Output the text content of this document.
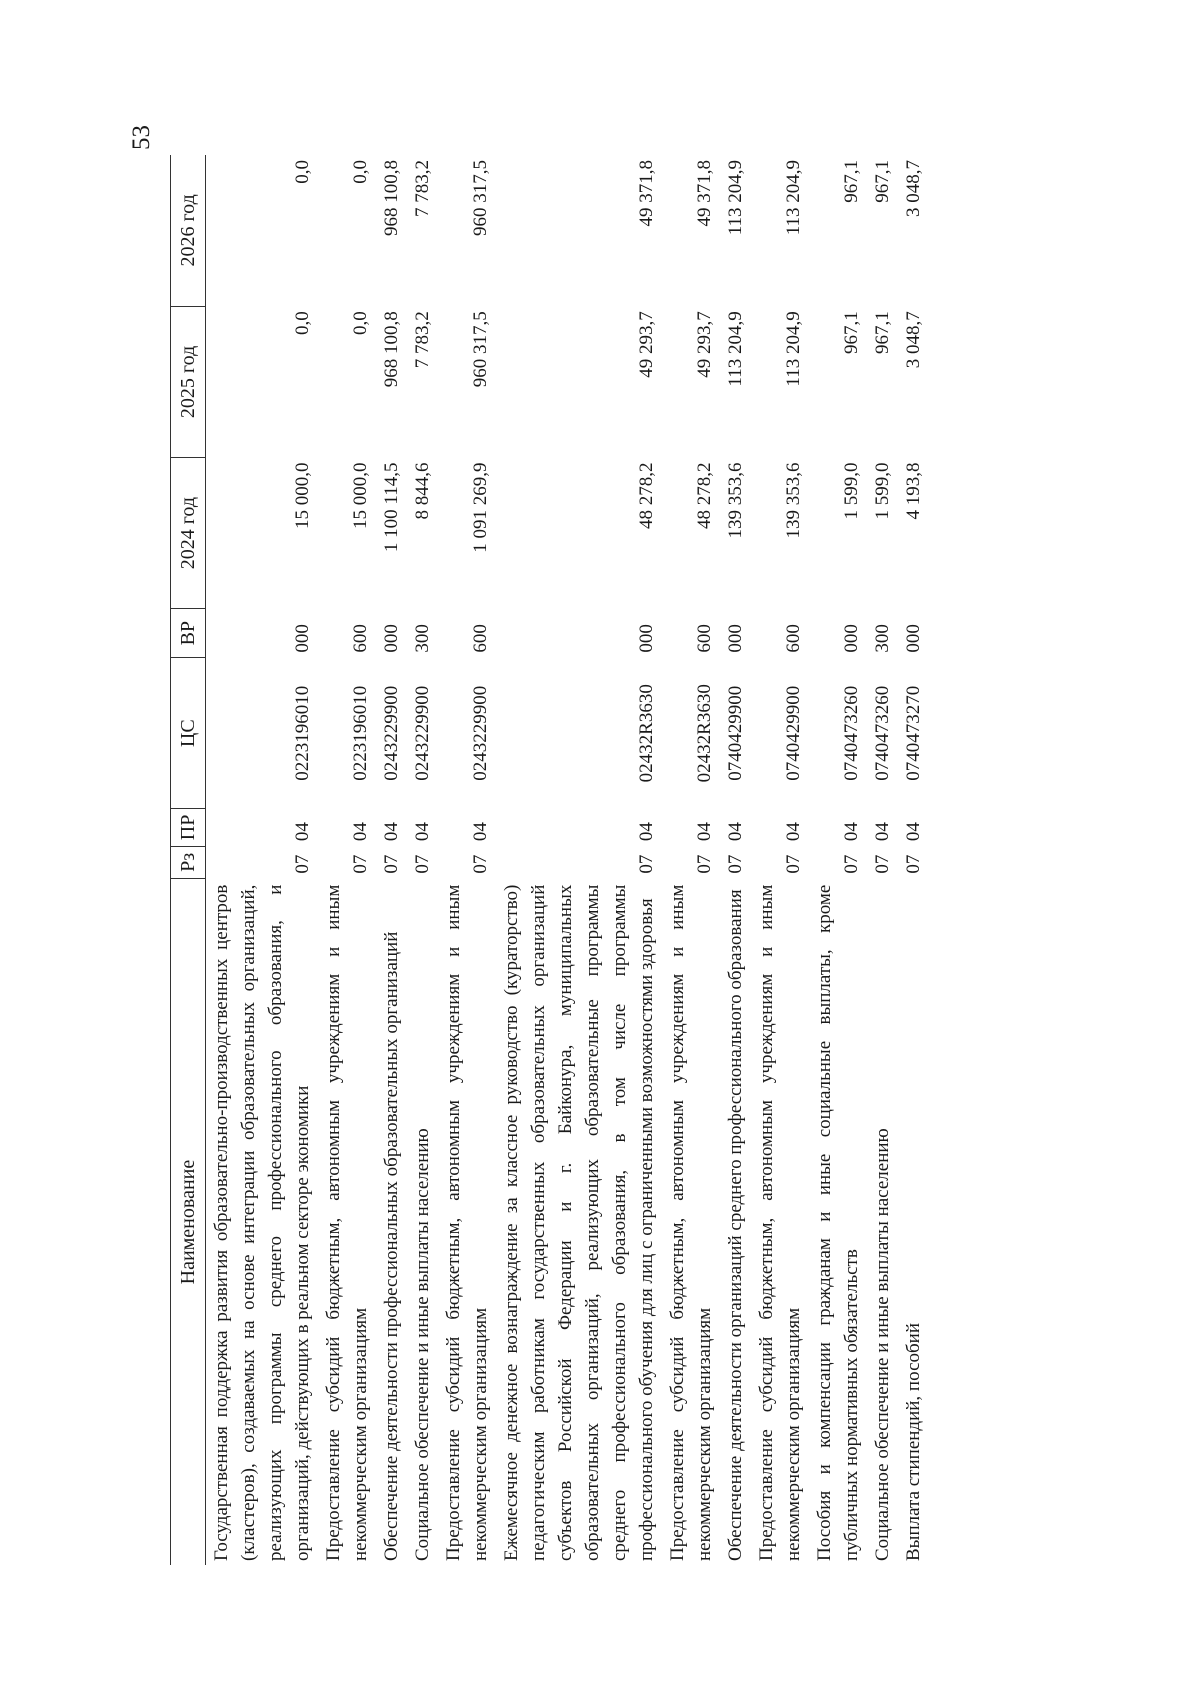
53
Наименование	Рз	ПР	ЦС	ВР	2024 год	2025 год	2026 год
Государственная поддержка развития образовательно-производственных центров (кластеров), создаваемых на основе интеграции образовательных организаций, реализующих программы среднего профессионального образования, и организаций, действующих в реальном секторе экономики	07	04	0223196010	000	15 000,0	0,0	0,0
Предоставление субсидий бюджетным, автономным учреждениям и иным некоммерческим организациям	07	04	0223196010	600	15 000,0	0,0	0,0
Обеспечение деятельности профессиональных образовательных организаций	07	04	0243229900	000	1 100 114,5	968 100,8	968 100,8
Социальное обеспечение и иные выплаты населению	07	04	0243229900	300	8 844,6	7 783,2	7 783,2
Предоставление субсидий бюджетным, автономным учреждениям и иным некоммерческим организациям	07	04	0243229900	600	1 091 269,9	960 317,5	960 317,5
Ежемесячное денежное вознаграждение за классное руководство (кураторство) педагогическим работникам государственных образовательных организаций субъектов Российской Федерации и г. Байконура, муниципальных образовательных организаций, реализующих образовательные программы среднего профессионального образования, в том числе программы профессионального обучения для лиц с ограниченными возможностями здоровья	07	04	02432R3630	000	48 278,2	49 293,7	49 371,8
Предоставление субсидий бюджетным, автономным учреждениям и иным некоммерческим организациям	07	04	02432R3630	600	48 278,2	49 293,7	49 371,8
Обеспечение деятельности организаций среднего профессионального образования	07	04	0740429900	000	139 353,6	113 204,9	113 204,9
Предоставление субсидий бюджетным, автономным учреждениям и иным некоммерческим организациям	07	04	0740429900	600	139 353,6	113 204,9	113 204,9
Пособия и компенсации гражданам и иные социальные выплаты, кроме публичных нормативных обязательств	07	04	0740473260	000	1 599,0	967,1	967,1
Социальное обеспечение и иные выплаты населению	07	04	0740473260	300	1 599,0	967,1	967,1
Выплата стипендий, пособий	07	04	0740473270	000	4 193,8	3 048,7	3 048,7
